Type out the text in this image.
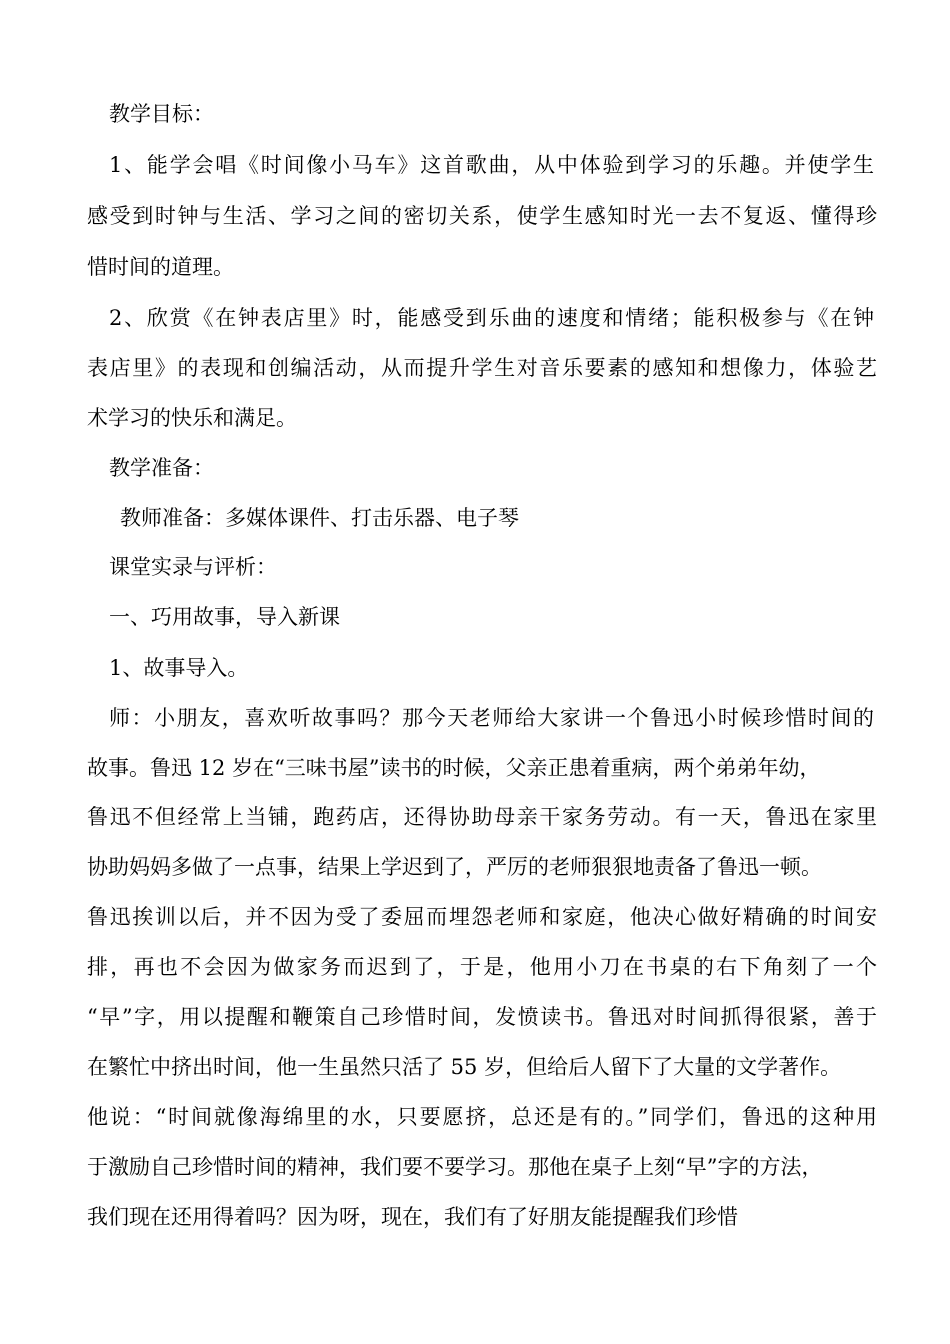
教学目标：
1、能学会唱《时间像小马车》这首歌曲，从中体验到学习的乐趣。并使学生
感受到时钟与生活、学习之间的密切关系，使学生感知时光一去不复返、懂得珍
惜时间的道理。
2、欣赏《在钟表店里》时，能感受到乐曲的速度和情绪；能积极参与《在钟
表店里》的表现和创编活动，从而提升学生对音乐要素的感知和想像力，体验艺
术学习的快乐和满足。
教学准备：
教师准备：多媒体课件、打击乐器、电子琴
课堂实录与评析：
一、巧用故事，导入新课
1、故事导入。
师：小朋友，喜欢听故事吗？那今天老师给大家讲一个鲁迅小时候珍惜时间的
故事。鲁迅 12 岁在“三味书屋”读书的时候，父亲正患着重病，两个弟弟年幼，
鲁迅不但经常上当铺，跑药店，还得协助母亲干家务劳动。有一天，鲁迅在家里
协助妈妈多做了一点事，结果上学迟到了，严厉的老师狠狠地责备了鲁迅一顿。
鲁迅挨训以后，并不因为受了委屈而埋怨老师和家庭，他决心做好精确的时间安
排，再也不会因为做家务而迟到了，于是，他用小刀在书桌的右下角刻了一个
“早”字，用以提醒和鞭策自己珍惜时间，发愤读书。鲁迅对时间抓得很紧，善于
在繁忙中挤出时间，他一生虽然只活了 55 岁，但给后人留下了大量的文学著作。
他说：“时间就像海绵里的水，只要愿挤，总还是有的。”同学们，鲁迅的这种用
于激励自己珍惜时间的精神，我们要不要学习。那他在桌子上刻“早”字的方法，
我们现在还用得着吗？因为呀，现在，我们有了好朋友能提醒我们珍惜
